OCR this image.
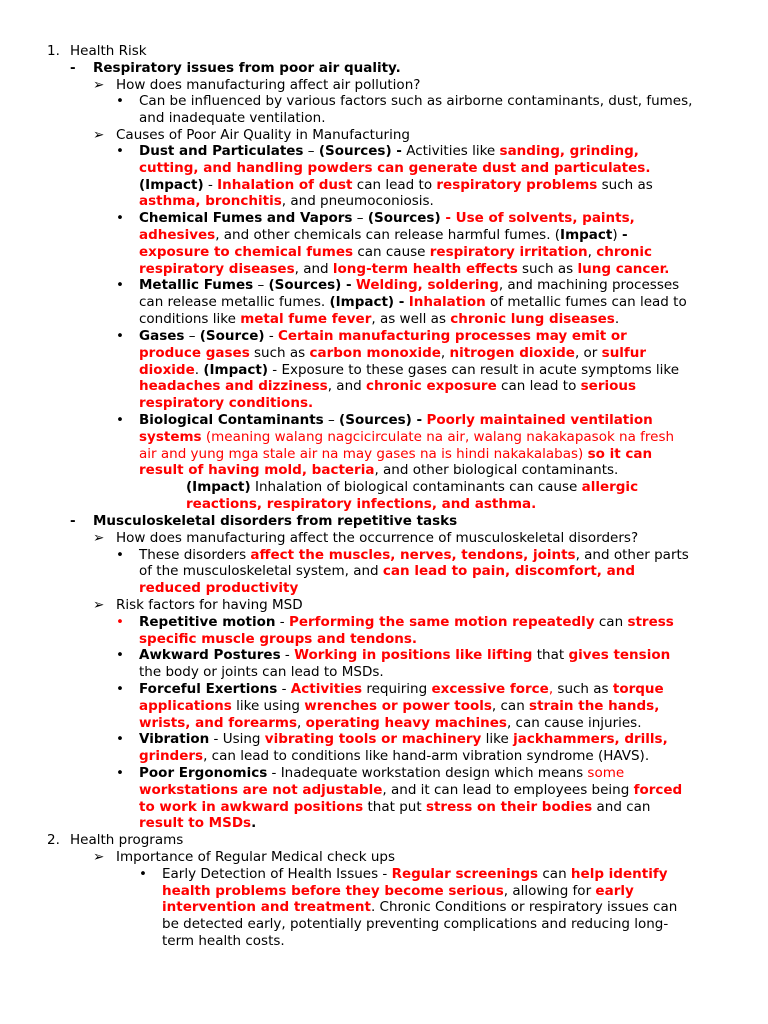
1. Health Risk
- Respiratory issues from poor air quality.
➢ How does manufacturing affect air pollution?
• Can be influenced by various factors such as airborne contaminants, dust, fumes,
and inadequate ventilation.
➢ Causes of Poor Air Quality in Manufacturing
• Dust and Particulates – (Sources) - Activities like sanding, grinding,
cutting, and handling powders can generate dust and particulates.
(Impact) - Inhalation of dust can lead to respiratory problems such as
asthma, bronchitis, and pneumoconiosis.
• Chemical Fumes and Vapors – (Sources) - Use of solvents, paints,
adhesives, and other chemicals can release harmful fumes. (Impact) -
exposure to chemical fumes can cause respiratory irritation, chronic
respiratory diseases, and long-term health effects such as lung cancer.
• Metallic Fumes – (Sources) - Welding, soldering, and machining processes
can release metallic fumes. (Impact) - Inhalation of metallic fumes can lead to
conditions like metal fume fever, as well as chronic lung diseases.
• Gases – (Source) - Certain manufacturing processes may emit or
produce gases such as carbon monoxide, nitrogen dioxide, or sulfur
dioxide. (Impact) - Exposure to these gases can result in acute symptoms like
headaches and dizziness, and chronic exposure can lead to serious
respiratory conditions.
• Biological Contaminants – (Sources) - Poorly maintained ventilation
systems (meaning walang nagcicirculate na air, walang nakakapasok na fresh
air and yung mga stale air na may gases na is hindi nakakalabas) so it can
result of having mold, bacteria, and other biological contaminants.
(Impact) Inhalation of biological contaminants can cause allergic
reactions, respiratory infections, and asthma.
- Musculoskeletal disorders from repetitive tasks
➢ How does manufacturing affect the occurrence of musculoskeletal disorders?
• These disorders affect the muscles, nerves, tendons, joints, and other parts
of the musculoskeletal system, and can lead to pain, discomfort, and
reduced productivity
➢ Risk factors for having MSD
• Repetitive motion - Performing the same motion repeatedly can stress
specific muscle groups and tendons.
• Awkward Postures - Working in positions like lifting that gives tension
the body or joints can lead to MSDs.
• Forceful Exertions - Activities requiring excessive force, such as torque
applications like using wrenches or power tools, can strain the hands,
wrists, and forearms, operating heavy machines, can cause injuries.
• Vibration - Using vibrating tools or machinery like jackhammers, drills,
grinders, can lead to conditions like hand-arm vibration syndrome (HAVS).
• Poor Ergonomics - Inadequate workstation design which means some
workstations are not adjustable, and it can lead to employees being forced
to work in awkward positions that put stress on their bodies and can
result to MSDs.
2. Health programs
➢ Importance of Regular Medical check ups
• Early Detection of Health Issues - Regular screenings can help identify
health problems before they become serious, allowing for early
intervention and treatment. Chronic Conditions or respiratory issues can
be detected early, potentially preventing complications and reducing long-
term health costs.
